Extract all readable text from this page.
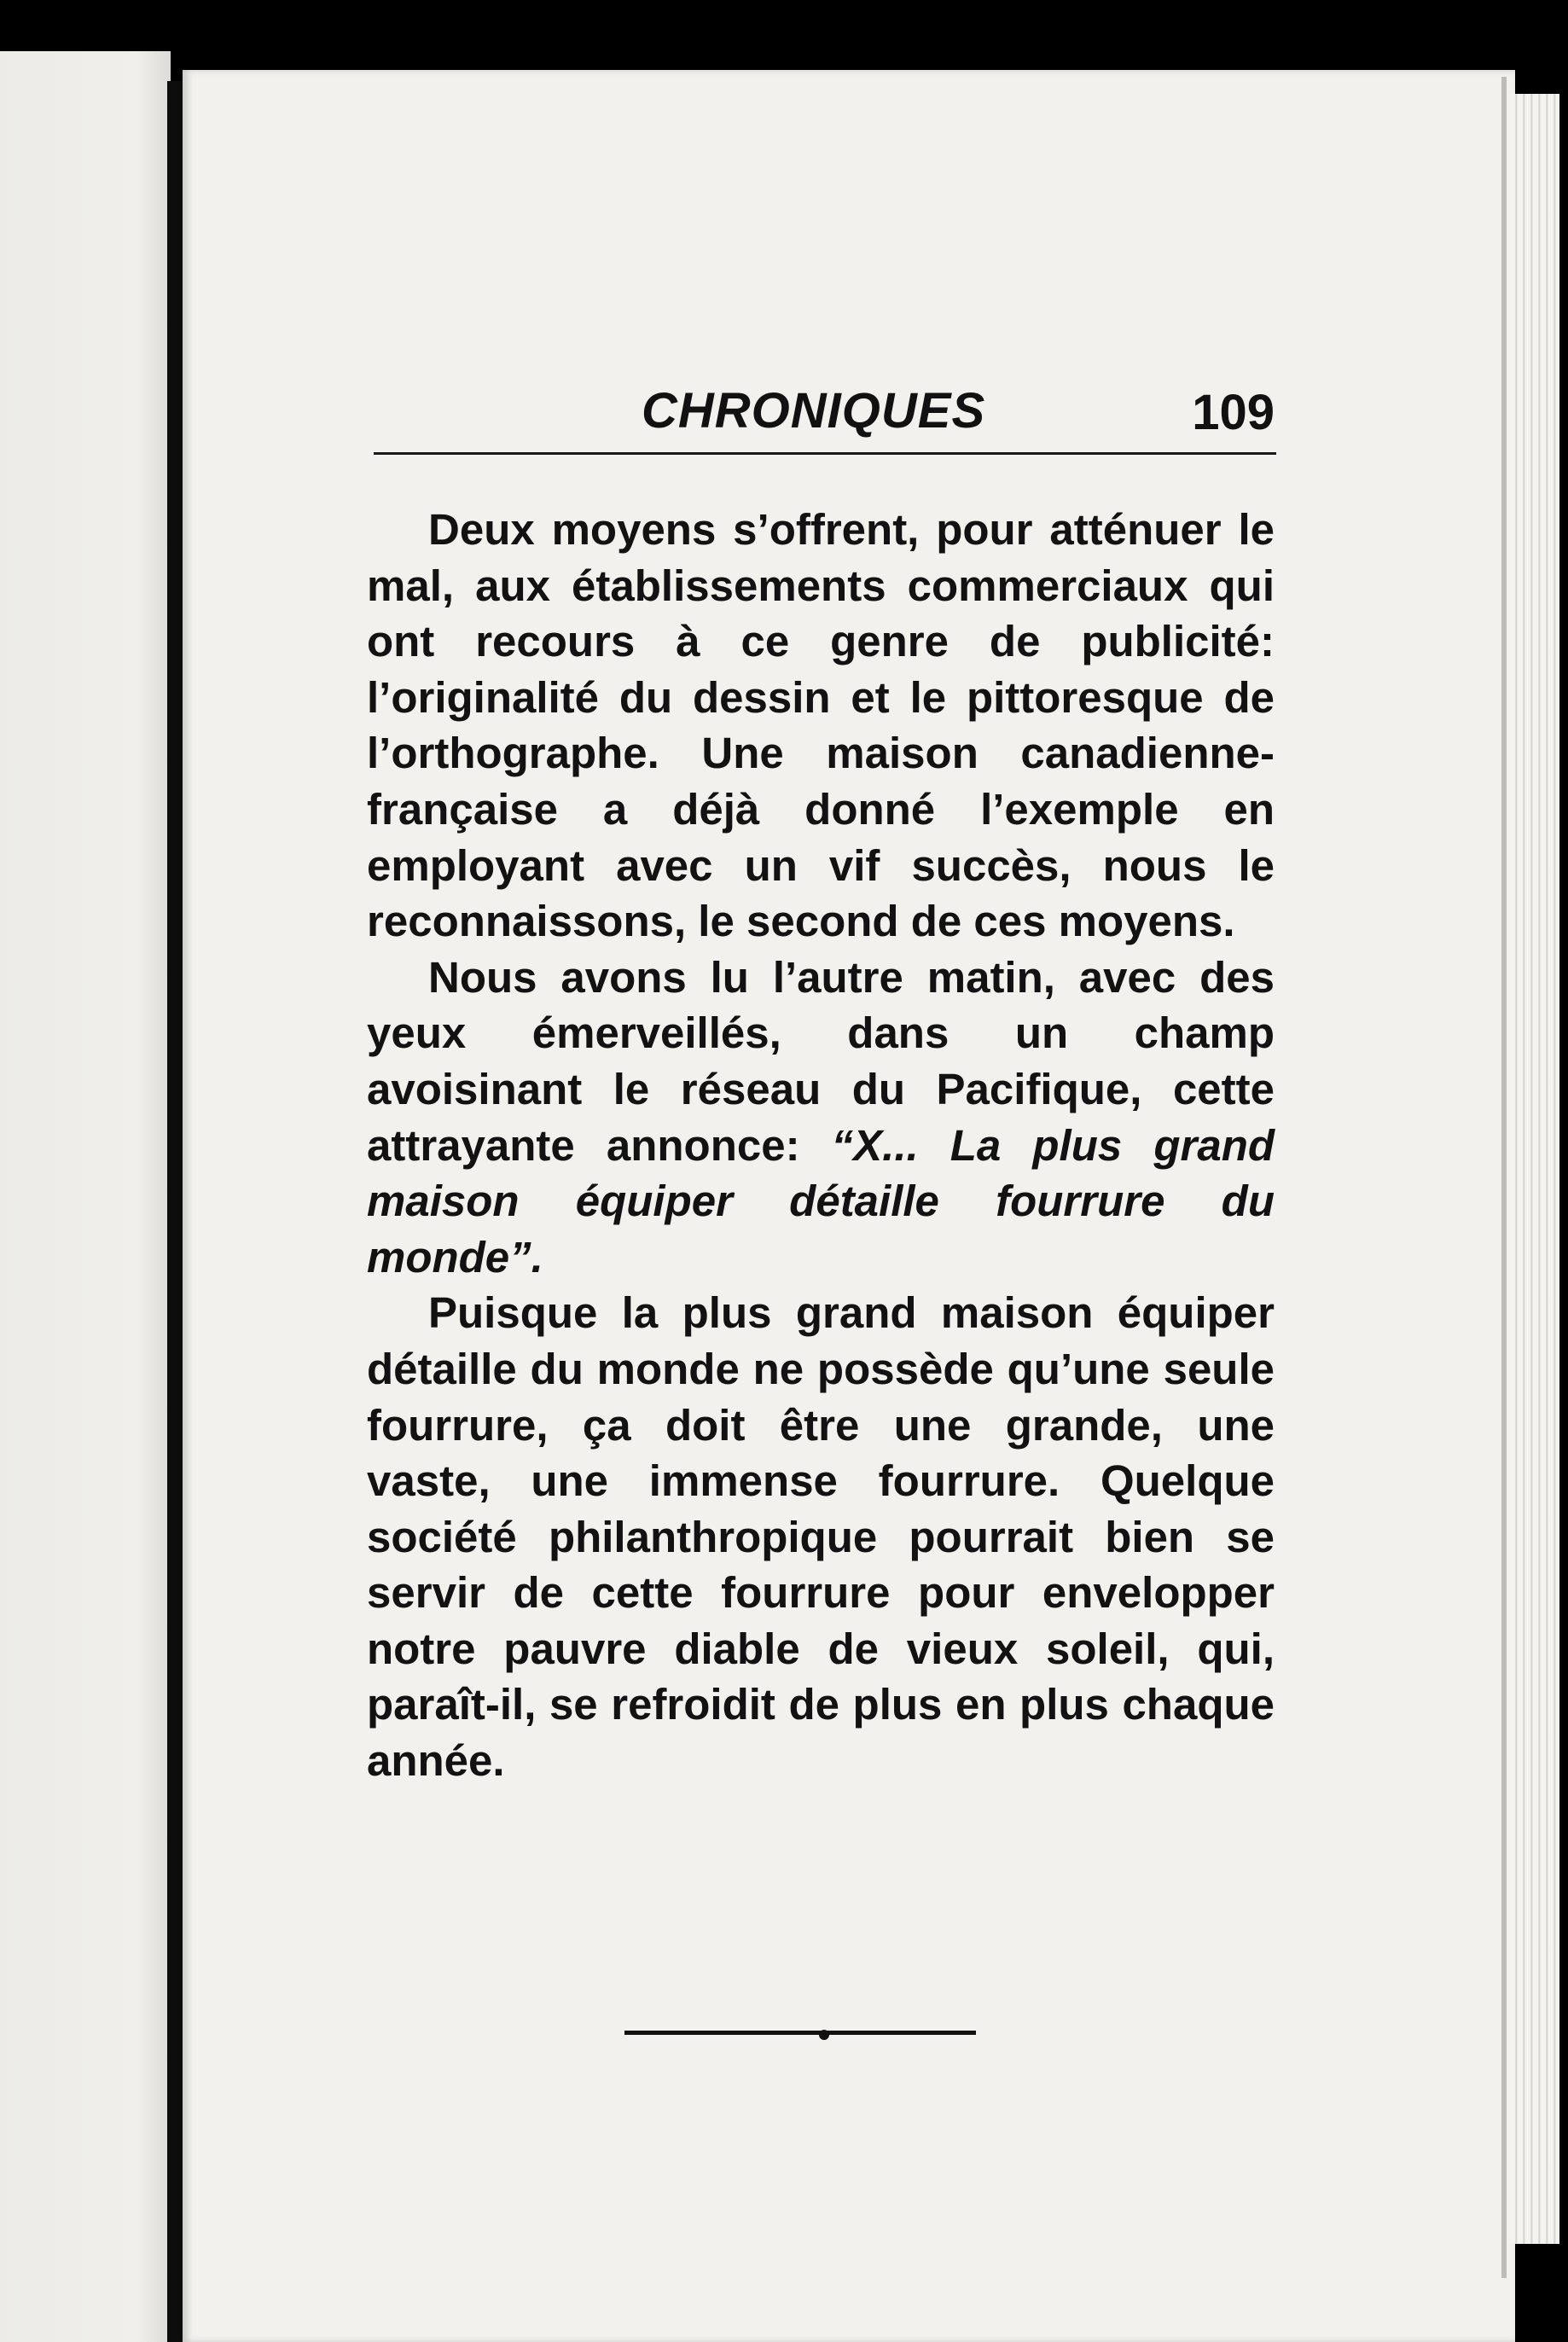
CHRONIQUES	109

Deux moyens s’offrent, pour atténuer le mal, aux établissements commerciaux qui ont recours à ce genre de publicité: l’originalité du dessin et le pittoresque de l’orthographe. Une maison canadienne-française a déjà donné l’exemple en employant avec un vif succès, nous le reconnaissons, le second de ces moyens.

Nous avons lu l’autre matin, avec des yeux émerveillés, dans un champ avoisinant le réseau du Pacifique, cette attrayante annonce: “X... La plus grand maison équiper détaille fourrure du monde”.

Puisque la plus grand maison équiper détaille du monde ne possède qu’une seule fourrure, ça doit être une grande, une vaste, une immense fourrure. Quelque société philanthropique pourrait bien se servir de cette fourrure pour envelopper notre pauvre diable de vieux soleil, qui, paraît-il, se refroidit de plus en plus chaque année.
